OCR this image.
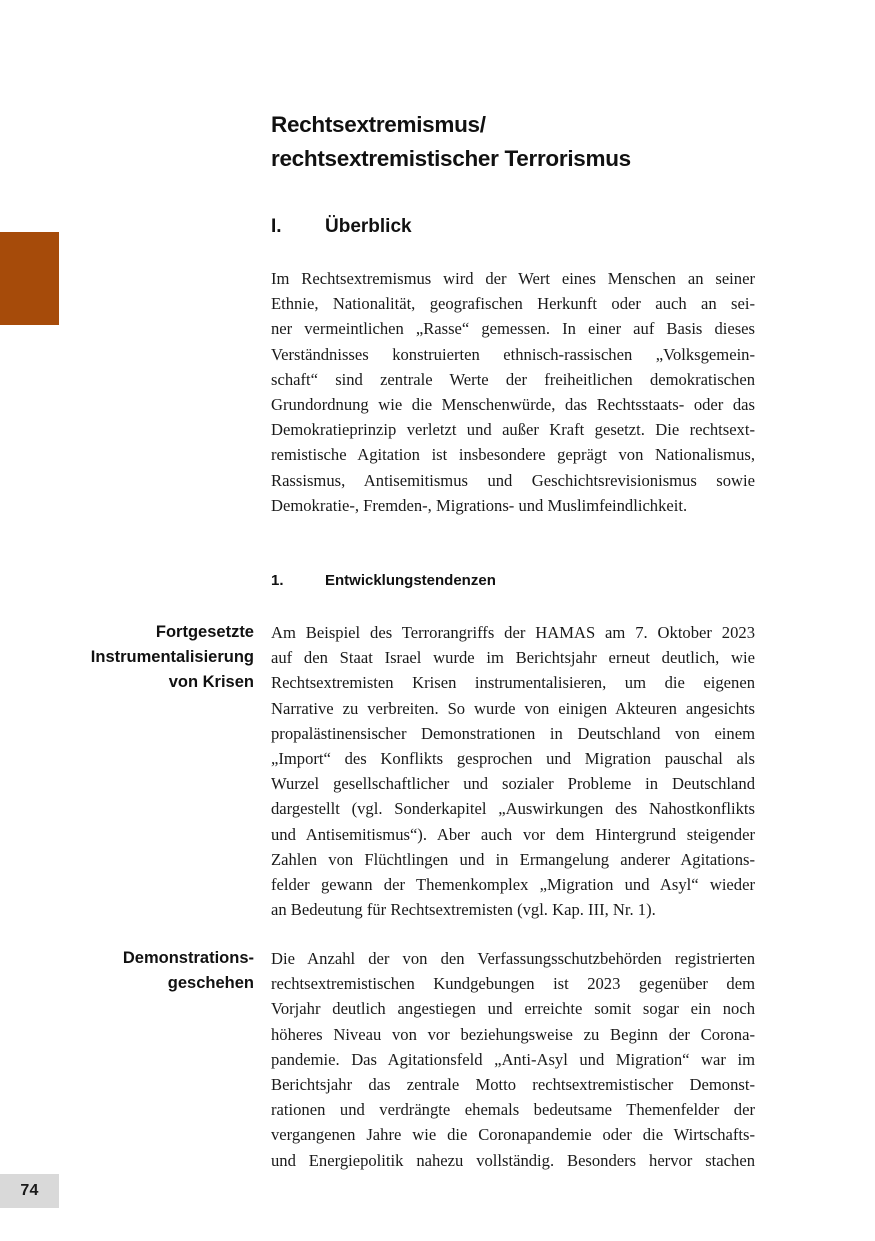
Rechtsextremismus/
rechtsextremistischer Terrorismus
I. Überblick
Im Rechtsextremismus wird der Wert eines Menschen an seiner
Ethnie, Nationalität, geografischen Herkunft oder auch an sei-
ner vermeintlichen „Rasse“ gemessen. In einer auf Basis dieses
Verständnisses konstruierten ethnisch-rassischen „Volksgemein-
schaft“ sind zentrale Werte der freiheitlichen demokratischen
Grundordnung wie die Menschenwürde, das Rechtsstaats- oder das
Demokratieprinzip verletzt und außer Kraft gesetzt. Die rechtsext-
remistische Agitation ist insbesondere geprägt von Nationalismus,
Rassismus, Antisemitismus und Geschichtsrevisionismus sowie
Demokratie-, Fremden-, Migrations- und Muslimfeindlichkeit.
1.	Entwicklungstendenzen
Fortgesetzte
Instrumentalisierung
von Krisen
Am Beispiel des Terrorangriffs der HAMAS am 7. Oktober 2023
auf den Staat Israel wurde im Berichtsjahr erneut deutlich, wie
Rechtsextremisten Krisen instrumentalisieren, um die eigenen
Narrative zu verbreiten. So wurde von einigen Akteuren angesichts
propalästinensischer Demonstrationen in Deutschland von einem
„Import“ des Konflikts gesprochen und Migration pauschal als
Wurzel gesellschaftlicher und sozialer Probleme in Deutschland
dargestellt (vgl. Sonderkapitel „Auswirkungen des Nahostkonflikts
und Antisemitismus“). Aber auch vor dem Hintergrund steigender
Zahlen von Flüchtlingen und in Ermangelung anderer Agitations-
felder gewann der Themenkomplex „Migration und Asyl“ wieder
an Bedeutung für Rechtsextremisten (vgl. Kap. III, Nr. 1).
Demonstrations-
geschehen
Die Anzahl der von den Verfassungsschutzbehörden registrierten
rechtsextremistischen Kundgebungen ist 2023 gegenüber dem
Vorjahr deutlich angestiegen und erreichte somit sogar ein noch
höheres Niveau von vor beziehungsweise zu Beginn der Corona-
pandemie. Das Agitationsfeld „Anti-Asyl und Migration“ war im
Berichtsjahr das zentrale Motto rechtsextremistischer Demonst-
rationen und verdrängte ehemals bedeutsame Themenfelder der
vergangenen Jahre wie die Coronapandemie oder die Wirtschafts-
und Energiepolitik nahezu vollständig. Besonders hervor stachen
74
